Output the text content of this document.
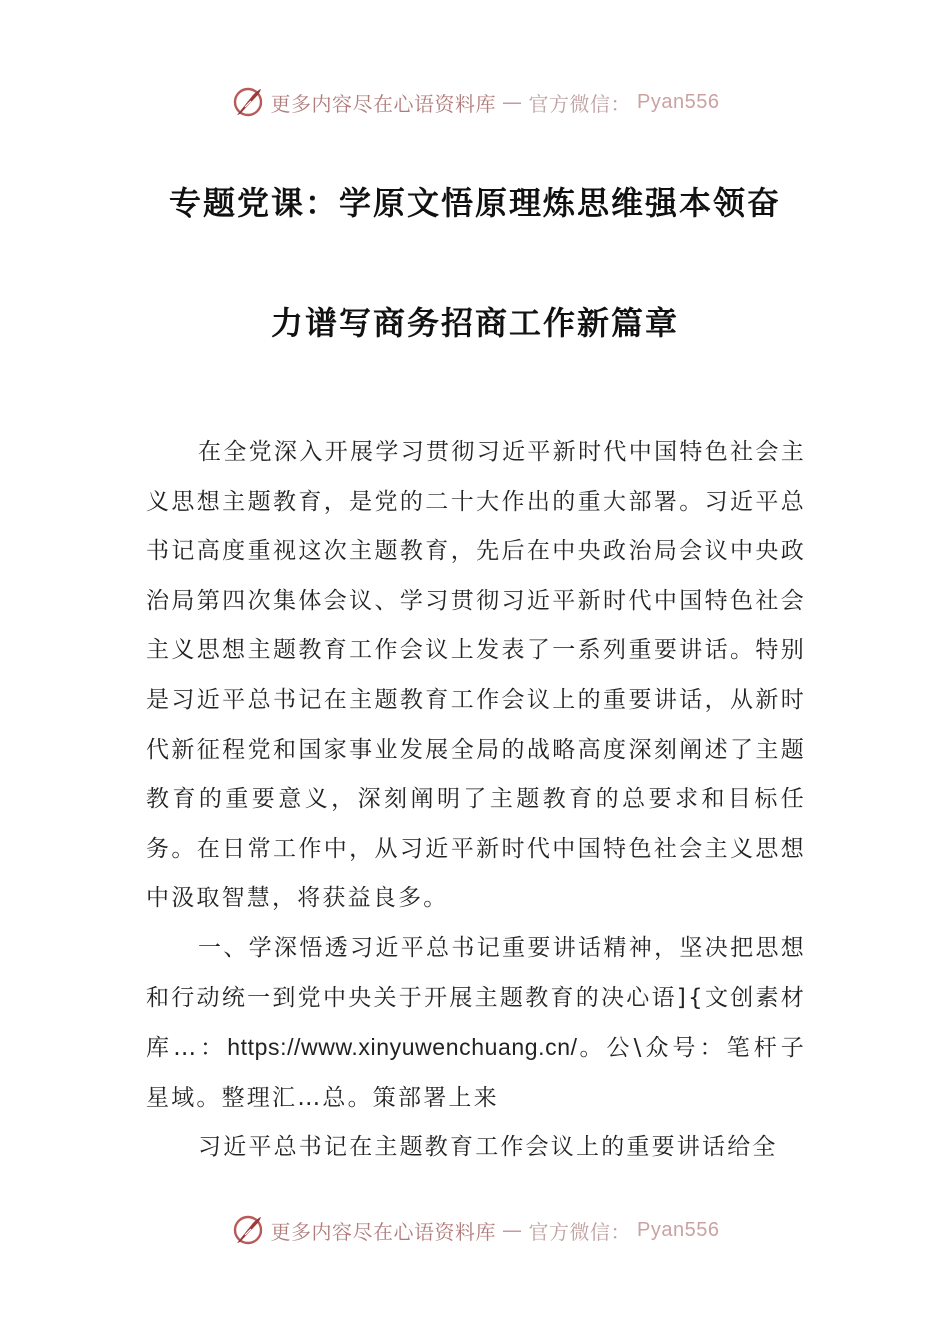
更多内容尽在心语资料库 — 官方微信： Pyan556
专题党课：学原文悟原理炼思维强本领奋
力谱写商务招商工作新篇章

在全党深入开展学习贯彻习近平新时代中国特色社会主义思想主题教育，是党的二十大作出的重大部署。习近平总书记高度重视这次主题教育，先后在中央政治局会议中央政治局第四次集体会议、学习贯彻习近平新时代中国特色社会主义思想主题教育工作会议上发表了一系列重要讲话。特别是习近平总书记在主题教育工作会议上的重要讲话，从新时代新征程党和国家事业发展全局的战略高度深刻阐述了主题教育的重要意义，深刻阐明了主题教育的总要求和目标任务。在日常工作中，从习近平新时代中国特色社会主义思想中汲取智慧，将获益良多。

一、学深悟透习近平总书记重要讲话精神，坚决把思想和行动统一到党中央关于开展主题教育的决心语]{文创素材库…：https://www.xinyuwenchuang.cn/。公\众号：笔杆子星域。整理汇…总。策部署上来

习近平总书记在主题教育工作会议上的重要讲话给全

更多内容尽在心语资料库 — 官方微信： Pyan556
